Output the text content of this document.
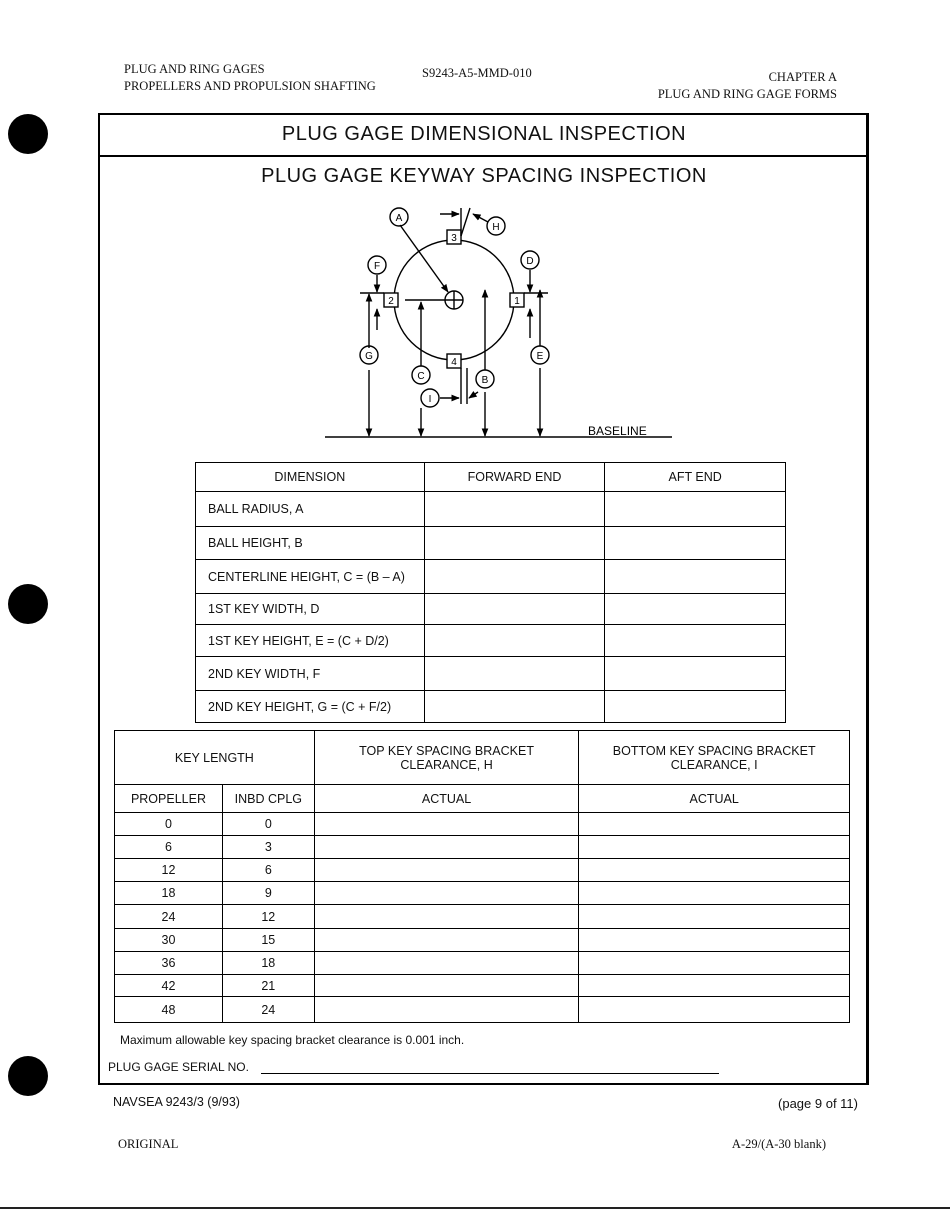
PLUG AND RING GAGES
PROPELLERS AND PROPULSION SHAFTING
S9243-A5-MMD-010	CHAPTER A
PLUG AND RING GAGE FORMS
PLUG GAGE DIMENSIONAL INSPECTION
PLUG GAGE KEYWAY SPACING INSPECTION
A
B
C
D
E
F
G
H
I
1
2
3
4
BASELINE
DIMENSION	FORWARD END	AFT END
BALL RADIUS, A		
BALL HEIGHT, B		
CENTERLINE HEIGHT, C = (B – A)		
1ST KEY WIDTH, D		
1ST KEY HEIGHT, E = (C + D/2)		
2ND KEY WIDTH, F		
2ND KEY HEIGHT, G = (C + F/2)		
KEY LENGTH		TOP KEY SPACING BRACKET CLEARANCE, H	BOTTOM KEY SPACING BRACKET CLEARANCE, I
PROPELLER	INBD CPLG	ACTUAL	ACTUAL
0	0		
6	3		
12	6		
18	9		
24	12		
30	15		
36	18		
42	21		
48	24		
Maximum allowable key spacing bracket clearance is 0.001 inch.
PLUG GAGE SERIAL NO.
NAVSEA 9243/3 (9/93)	(page 9 of 11)
ORIGINAL	A-29/(A-30 blank)
